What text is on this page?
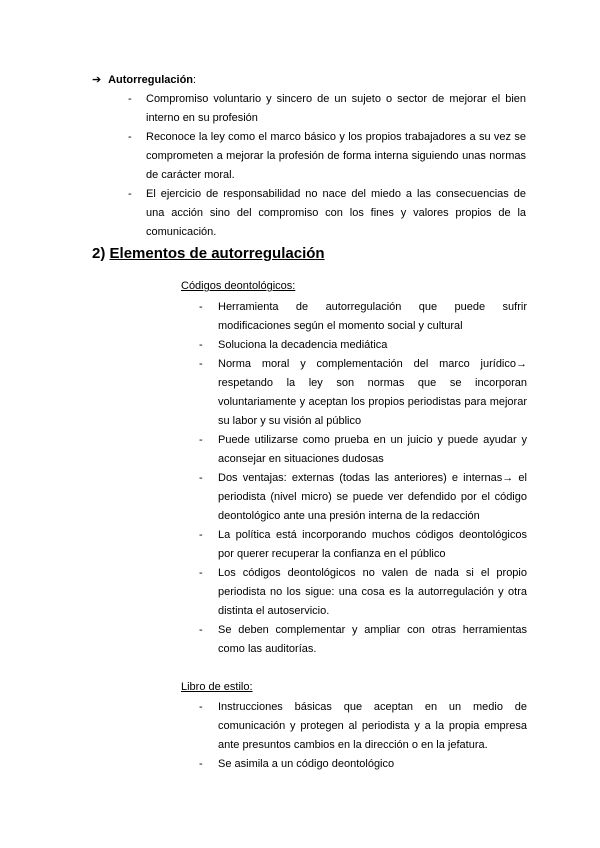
➔ Autorregulación:
- Compromiso voluntario y sincero de un sujeto o sector de mejorar el bien interno en su profesión

- Reconoce la ley como el marco básico y los propios trabajadores a su vez se comprometen a mejorar la profesión de forma interna siguiendo unas normas de carácter moral.

- El ejercicio de responsabilidad no nace del miedo a las consecuencias de una acción sino del compromiso con los fines y valores propios de la comunicación.

2) Elementos de autorregulación
Códigos deontológicos:
- Herramienta de autorregulación que puede sufrir modificaciones según el momento social y cultural

- Soluciona la decadencia mediática

- Norma moral y complementación del marco jurídico→ respetando la ley son normas que se incorporan voluntariamente y aceptan los propios periodistas para mejorar su labor y su visión al público

- Puede utilizarse como prueba en un juicio y puede ayudar y aconsejar en situaciones dudosas

- Dos ventajas: externas (todas las anteriores) e internas→ el periodista (nivel micro) se puede ver defendido por el código deontológico ante una presión interna de la redacción

- La política está incorporando muchos códigos deontológicos por querer recuperar la confianza en el público

- Los códigos deontológicos no valen de nada si el propio periodista no los sigue: una cosa es la autorregulación y otra distinta el autoservicio.

- Se deben complementar y ampliar con otras herramientas como las auditorías.

Libro de estilo:
- Instrucciones básicas que aceptan en un medio de comunicación y protegen al periodista y a la propia empresa ante presuntos cambios en la dirección o en la jefatura.

- Se asimila a un código deontológico
